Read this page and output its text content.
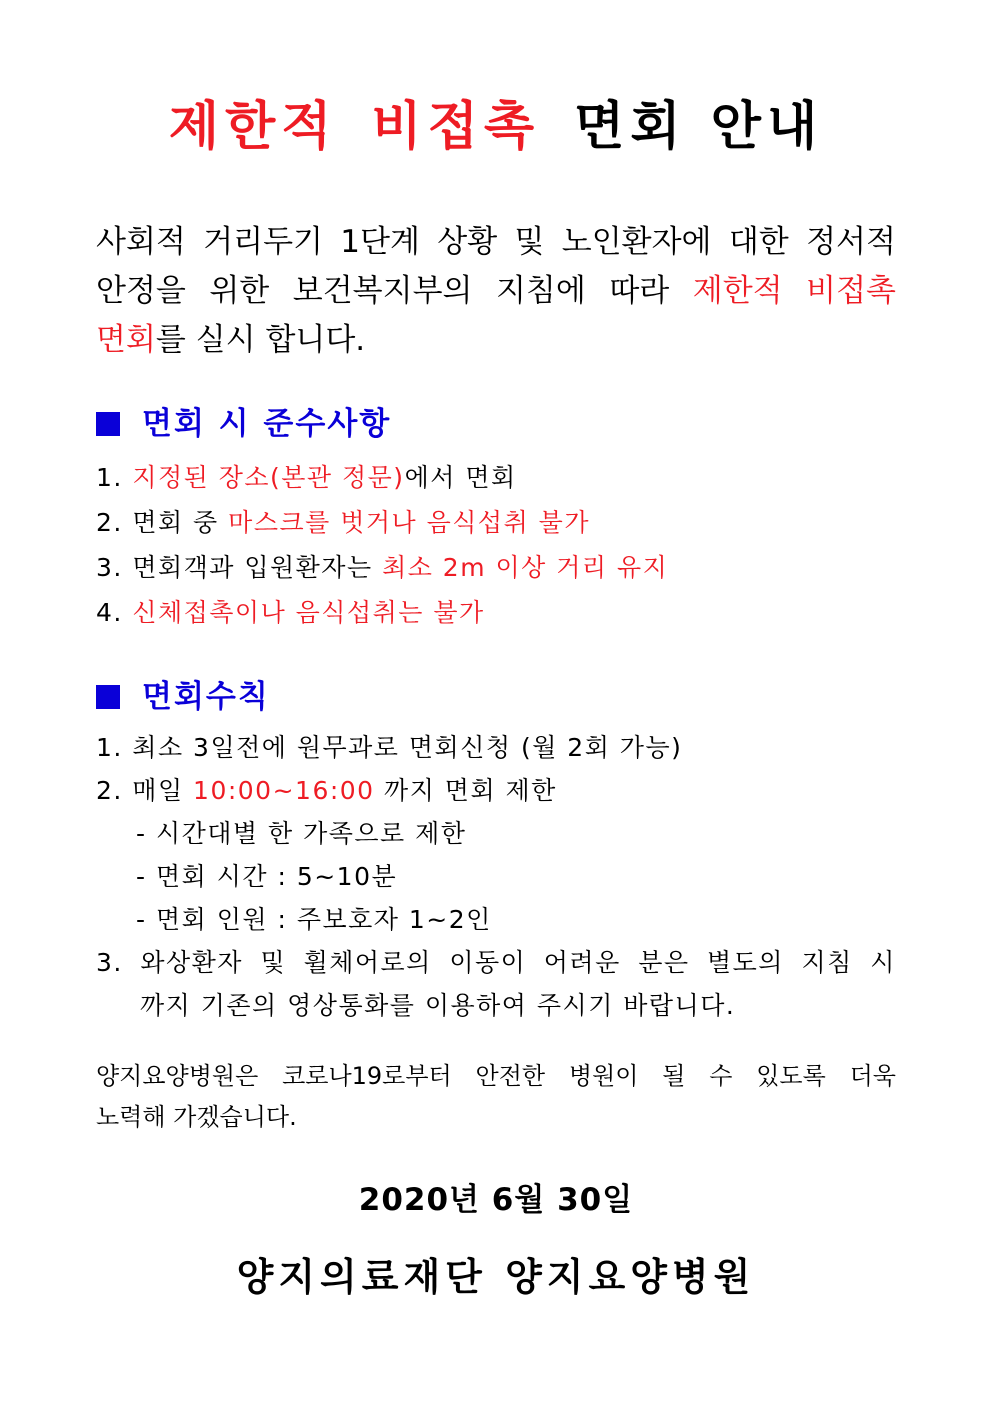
제한적 비접촉 면회 안내
사회적 거리두기 1단계 상황 및 노인환자에 대한 정서적
안정을 위한 보건복지부의 지침에 따라 제한적 비접촉
면회 를 실시 합니다.
면회 시 준수사항
1. 지정된 장소(본관 정문)에서 면회
2. 면회 중 마스크를 벗거나 음식섭취 불가
3. 면회객과 입원환자는 최소 2m 이상 거리 유지
4. 신체접촉이나 음식섭취는 불가
면회수칙
1. 최소 3일전에 원무과로 면회신청 (월 2회 가능)
2. 매일 10:00~16:00 까지 면회 제한
- 시간대별 한 가족으로 제한
- 면회 시간 : 5~10분
- 면회 인원 : 주보호자 1~2인
3. 와상환자 및 휠체어로의 이동이 어려운 분은 별도의 지침 시
까지 기존의 영상통화를 이용하여 주시기 바랍니다.
양지요양병원은 코로나19로부터 안전한 병원이 될 수 있도록 더욱
노력해 가겠습니다.
2020년 6월 30일
양지의료재단 양지요양병원
